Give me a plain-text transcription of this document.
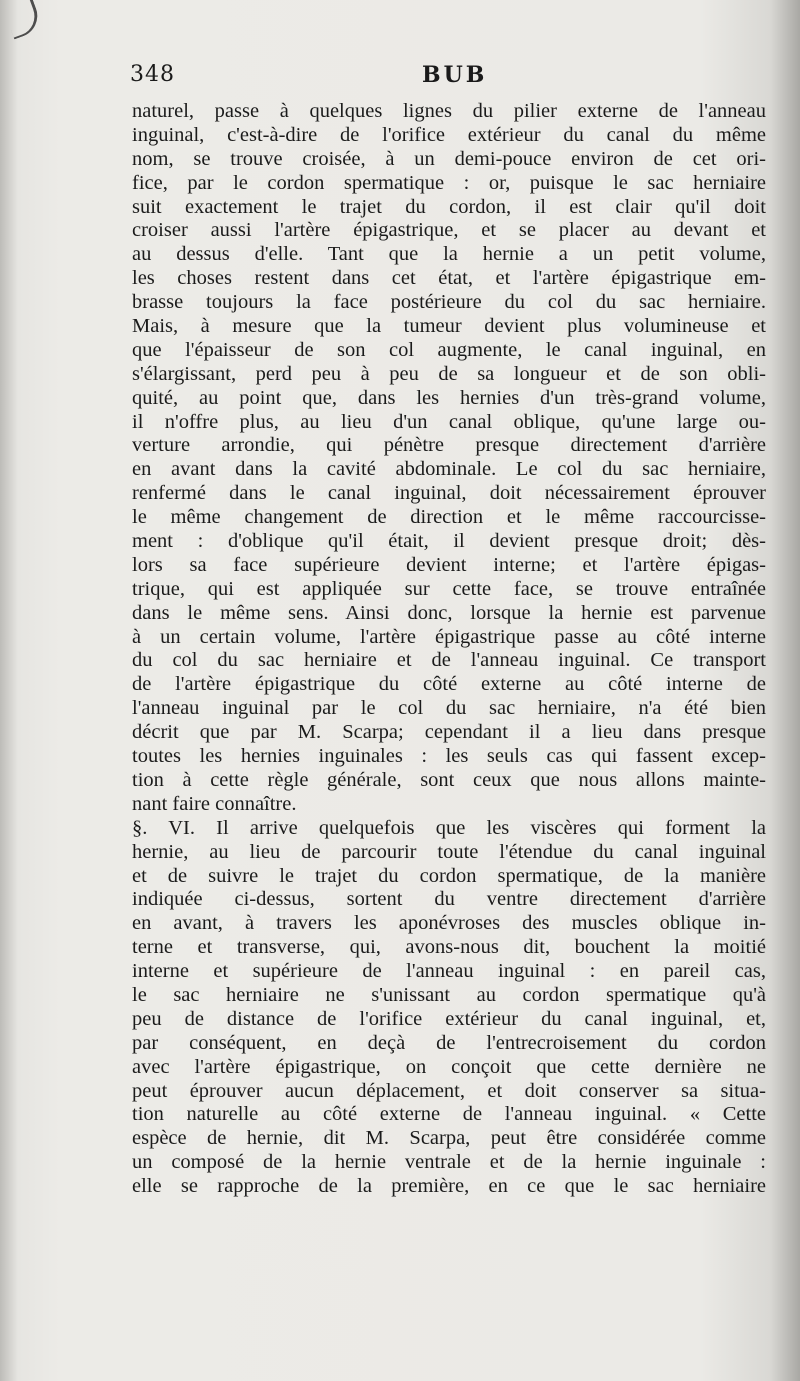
348	BUB
naturel, passe à quelques lignes du pilier externe de l'anneau
inguinal, c'est-à-dire de l'orifice extérieur du canal du même
nom, se trouve croisée, à un demi-pouce environ de cet ori-
fice, par le cordon spermatique : or, puisque le sac herniaire
suit exactement le trajet du cordon, il est clair qu'il doit
croiser aussi l'artère épigastrique, et se placer au devant et
au dessus d'elle. Tant que la hernie a un petit volume,
les choses restent dans cet état, et l'artère épigastrique em-
brasse toujours la face postérieure du col du sac herniaire.
Mais, à mesure que la tumeur devient plus volumineuse et
que l'épaisseur de son col augmente, le canal inguinal, en
s'élargissant, perd peu à peu de sa longueur et de son obli-
quité, au point que, dans les hernies d'un très-grand volume,
il n'offre plus, au lieu d'un canal oblique, qu'une large ou-
verture arrondie, qui pénètre presque directement d'arrière
en avant dans la cavité abdominale. Le col du sac herniaire,
renfermé dans le canal inguinal, doit nécessairement éprouver
le même changement de direction et le même raccourcisse-
ment : d'oblique qu'il était, il devient presque droit; dès-
lors sa face supérieure devient interne; et l'artère épigas-
trique, qui est appliquée sur cette face, se trouve entraînée
dans le même sens. Ainsi donc, lorsque la hernie est parvenue
à un certain volume, l'artère épigastrique passe au côté interne
du col du sac herniaire et de l'anneau inguinal. Ce transport
de l'artère épigastrique du côté externe au côté interne de
l'anneau inguinal par le col du sac herniaire, n'a été bien
décrit que par M. Scarpa; cependant il a lieu dans presque
toutes les hernies inguinales : les seuls cas qui fassent excep-
tion à cette règle générale, sont ceux que nous allons mainte-
nant faire connaître.
§. VI. Il arrive quelquefois que les viscères qui forment la
hernie, au lieu de parcourir toute l'étendue du canal inguinal
et de suivre le trajet du cordon spermatique, de la manière
indiquée ci-dessus, sortent du ventre directement d'arrière
en avant, à travers les aponévroses des muscles oblique in-
terne et transverse, qui, avons-nous dit, bouchent la moitié
interne et supérieure de l'anneau inguinal : en pareil cas,
le sac herniaire ne s'unissant au cordon spermatique qu'à
peu de distance de l'orifice extérieur du canal inguinal, et,
par conséquent, en deçà de l'entrecroisement du cordon
avec l'artère épigastrique, on conçoit que cette dernière ne
peut éprouver aucun déplacement, et doit conserver sa situa-
tion naturelle au côté externe de l'anneau inguinal. « Cette
espèce de hernie, dit M. Scarpa, peut être considérée comme
un composé de la hernie ventrale et de la hernie inguinale :
elle se rapproche de la première, en ce que le sac herniaire
